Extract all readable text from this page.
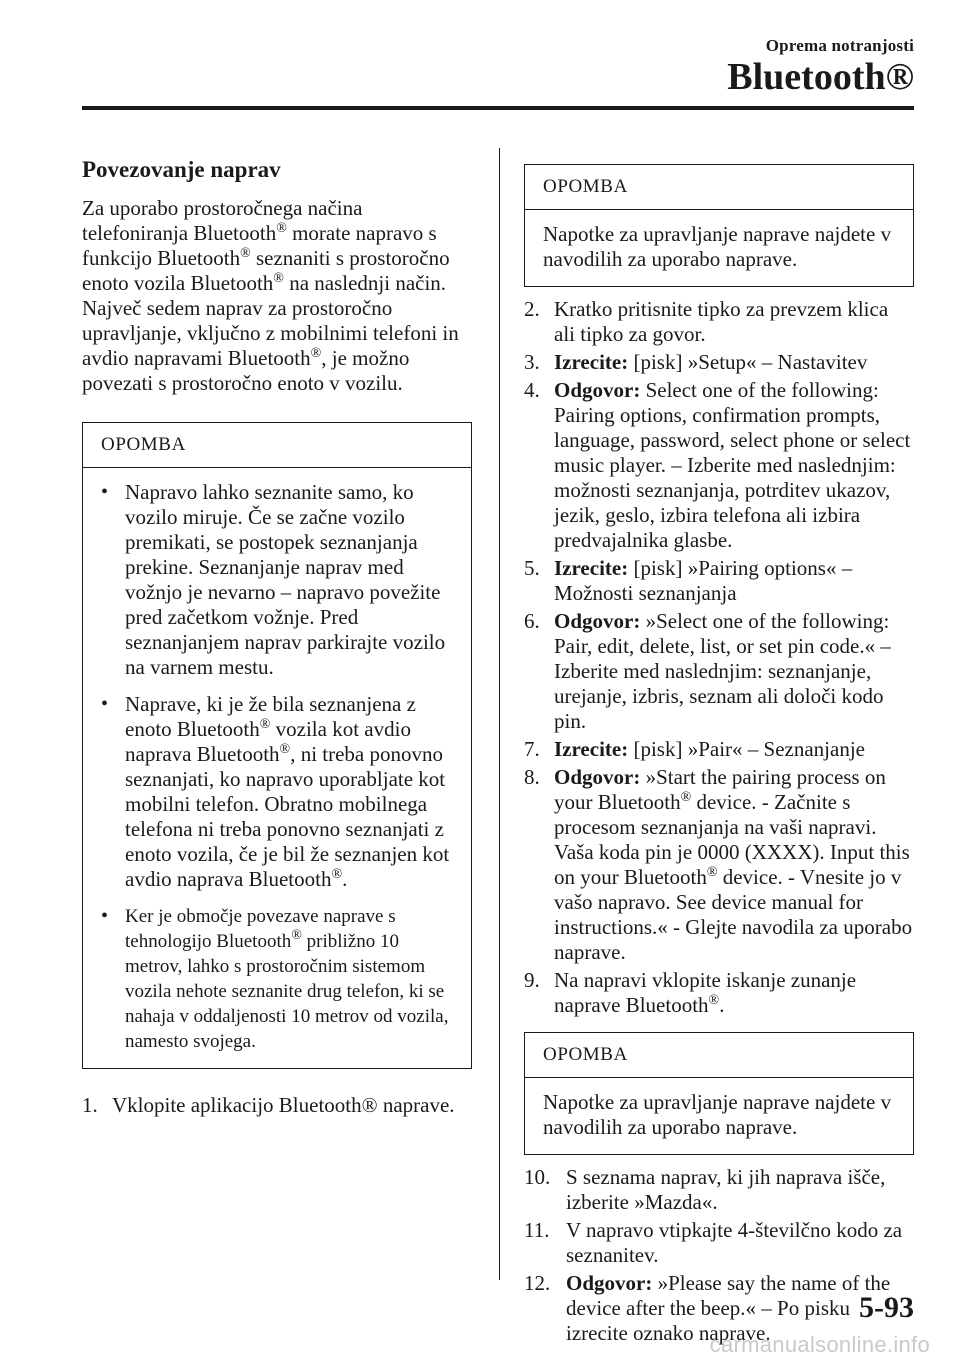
Oprema notranjosti
Bluetooth®
Povezovanje naprav

Za uporabo prostoročnega načina telefoniranja Bluetooth® morate napravo s funkcijo Bluetooth® seznaniti s prostoročno enoto vozila Bluetooth® na naslednji način. Največ sedem naprav za prostoročno upravljanje, vključno z mobilnimi telefoni in avdio napravami Bluetooth®, je možno povezati s prostoročno enoto v vozilu.

OPOMBA
• Napravo lahko seznanite samo, ko vozilo miruje. Če se začne vozilo premikati, se postopek seznanjanja prekine. Seznanjanje naprav med vožnjo je nevarno – napravo povežite pred začetkom vožnje. Pred seznanjanjem naprav parkirajte vozilo na varnem mestu.
• Naprave, ki je že bila seznanjena z enoto Bluetooth® vozila kot avdio naprava Bluetooth®, ni treba ponovno seznanjati, ko napravo uporabljate kot mobilni telefon. Obratno mobilnega telefona ni treba ponovno seznanjati z enoto vozila, če je bil že seznanjen kot avdio naprava Bluetooth®.
• Ker je območje povezave naprave s tehnologijo Bluetooth® približno 10 metrov, lahko s prostoročnim sistemom vozila nehote seznanite drug telefon, ki se nahaja v oddaljenosti 10 metrov od vozila, namesto svojega.
1. Vklopite aplikacijo Bluetooth® naprave.
OPOMBA
Napotke za upravljanje naprave najdete v navodilih za uporabo naprave.
2. Kratko pritisnite tipko za prevzem klica ali tipko za govor.
3. Izrecite: [pisk] »Setup« – Nastavitev
4. Odgovor: Select one of the following: Pairing options, confirmation prompts, language, password, select phone or select music player. – Izberite med naslednjim: možnosti seznanjanja, potrditev ukazov, jezik, geslo, izbira telefona ali izbira predvajalnika glasbe.
5. Izrecite: [pisk] »Pairing options« – Možnosti seznanjanja
6. Odgovor: »Select one of the following: Pair, edit, delete, list, or set pin code.« – Izberite med naslednjim: seznanjanje, urejanje, izbris, seznam ali določi kodo pin.
7. Izrecite: [pisk] »Pair« – Seznanjanje
8. Odgovor: »Start the pairing process on your Bluetooth® device. - Začnite s procesom seznanjanja na vaši napravi. Vaša koda pin je 0000 (XXXX). Input this on your Bluetooth® device. - Vnesite jo v vašo napravo. See device manual for instructions.« - Glejte navodila za uporabo naprave.
9. Na napravi vklopite iskanje zunanje naprave Bluetooth®.
OPOMBA
Napotke za upravljanje naprave najdete v navodilih za uporabo naprave.
10. S seznama naprav, ki jih naprava išče, izberite »Mazda«.
11. V napravo vtipkajte 4-številčno kodo za seznanitev.
12. Odgovor: »Please say the name of the device after the beep.« – Po pisku izrecite oznako naprave.
5-93
carmanualsonline.info
